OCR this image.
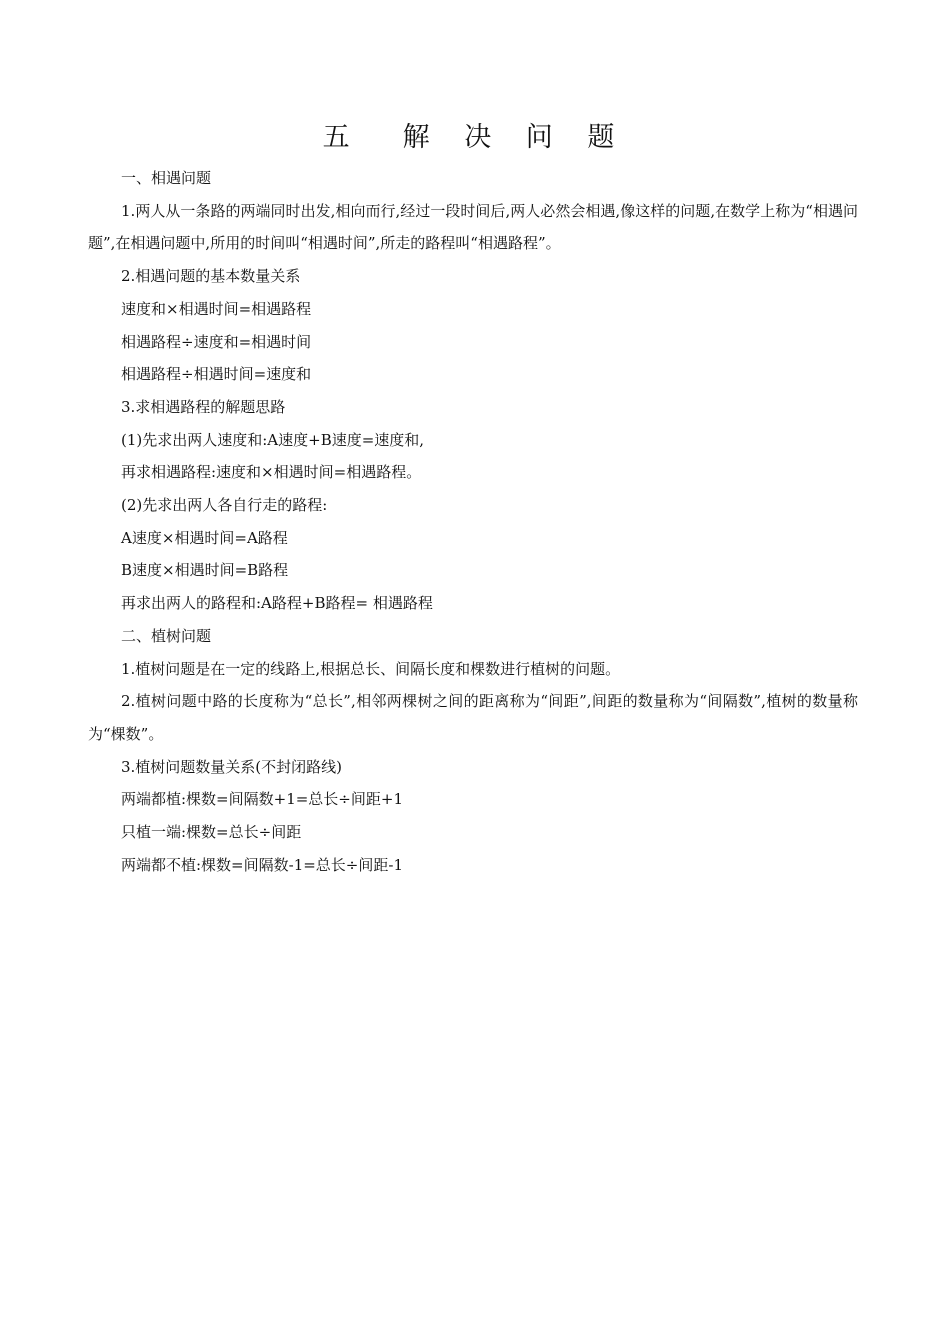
五　解 决 问 题
一、相遇问题
1.两人从一条路的两端同时出发,相向而行,经过一段时间后,两人必然会相遇,像这样的问题,在数学上称为“相遇问题”,在相遇问题中,所用的时间叫“相遇时间”,所走的路程叫“相遇路程”。
2.相遇问题的基本数量关系
速度和×相遇时间=相遇路程
相遇路程÷速度和=相遇时间
相遇路程÷相遇时间=速度和
3.求相遇路程的解题思路
(1)先求出两人速度和:A速度+B速度=速度和,
再求相遇路程:速度和×相遇时间=相遇路程。
(2)先求出两人各自行走的路程:
A速度×相遇时间=A路程
B速度×相遇时间=B路程
再求出两人的路程和:A路程+B路程= 相遇路程
二、植树问题
1.植树问题是在一定的线路上,根据总长、间隔长度和棵数进行植树的问题。
2.植树问题中路的长度称为“总长”,相邻两棵树之间的距离称为“间距”,间距的数量称为“间隔数”,植树的数量称为“棵数”。
3.植树问题数量关系(不封闭路线)
两端都植:棵数=间隔数+1=总长÷间距+1
只植一端:棵数=总长÷间距
两端都不植:棵数=间隔数-1=总长÷间距-1
